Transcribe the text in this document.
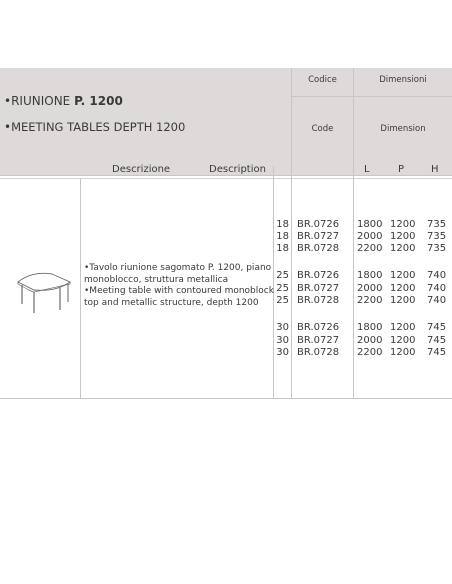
•RIUNIONE P. 1200
•MEETING TABLES DEPTH 1200
Codice	Dimensioni
Code	Dimension
Descrizione	Description	L	P	H
•Tavolo riunione sagomato P. 1200, piano
monoblocco, struttura metallica
•Meeting table with contoured monoblock
top and metallic structure, depth 1200
18 BR.0726 1800 1200 735
18 BR.0727 2000 1200 735
18 BR.0728 2200 1200 735
25 BR.0726 1800 1200 740
25 BR.0727 2000 1200 740
25 BR.0728 2200 1200 740
30 BR.0726 1800 1200 745
30 BR.0727 2000 1200 745
30 BR.0728 2200 1200 745
